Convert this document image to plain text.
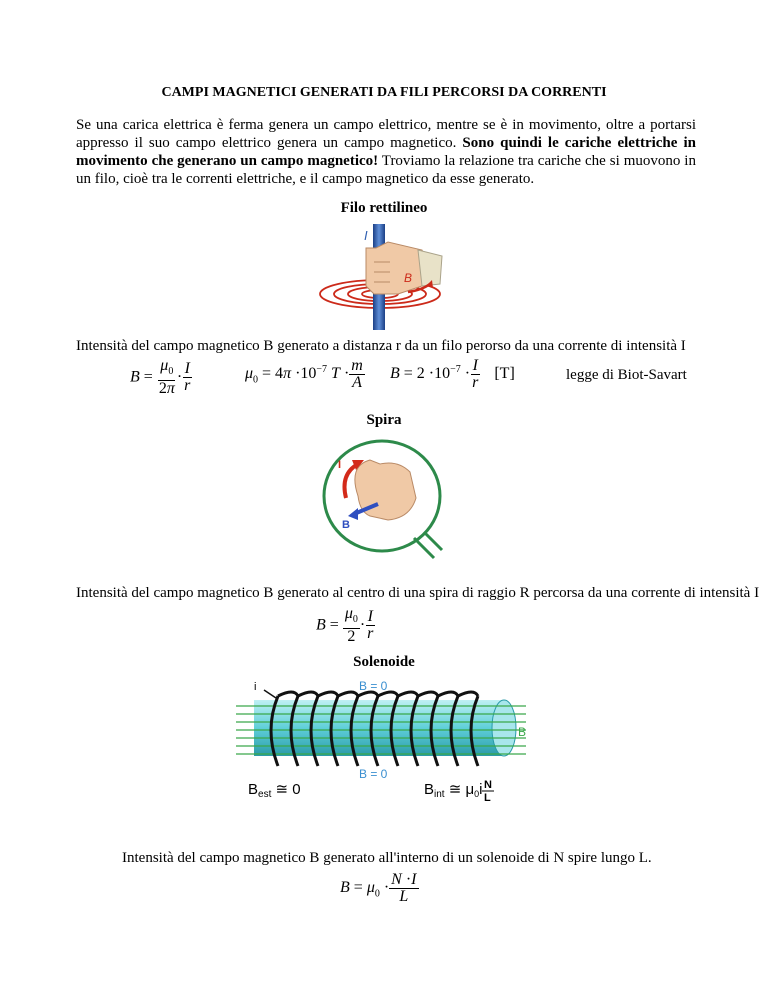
CAMPI MAGNETICI GENERATI DA FILI PERCORSI DA CORRENTI
Se una carica elettrica è ferma genera un campo elettrico, mentre se è in movimento, oltre a portarsi appresso il suo campo elettrico genera un campo magnetico. Sono quindi le cariche elettriche in movimento che generano un campo magnetico! Troviamo la relazione tra cariche che si muovono in un filo, cioè tra le correnti elettriche, e il campo magnetico da esse generato.
Filo rettilineo
I
B
Intensità del campo magnetico B generato a distanza r da un filo perorso da una corrente di intensità I
$B = \frac{\mu_0}{2\pi} \cdot \frac{I}{r}$	$\mu_0 = 4\pi \cdot 10^{-7}$ $T \cdot \frac{m}{A}$ $B = 2 \cdot 10^{-7} \cdot \frac{I}{r} [T]$	legge di Biot-Savart
Spira
I
B
Intensità del campo magnetico B generato al centro di una spira di raggio R percorsa da una corrente di intensità I
$B = \frac{\mu_0}{2} \cdot \frac{I}{r}$
Solenoide
i	B = 0
B = 0
B
$B_{est}$ ≅ 0	$B_{int}$ ≅ $\mu_0i$ N
L
Intensità del campo magnetico B generato all'interno di un solenoide di N spire lungo L.
$B = \mu_0 \cdot \frac{N \cdot I}{L}$
